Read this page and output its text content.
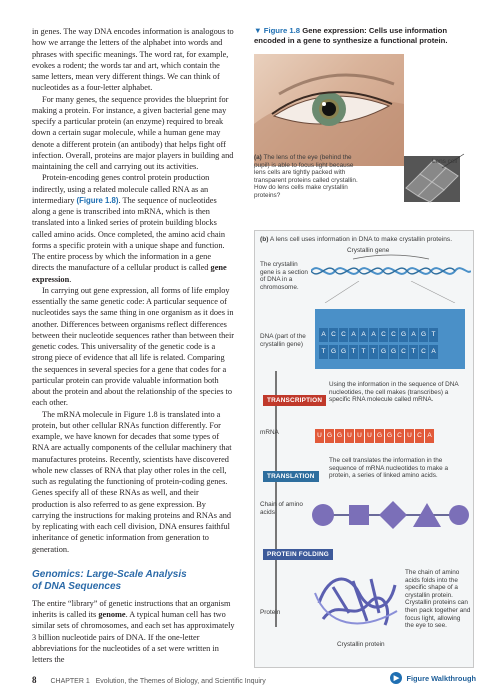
in genes. The way DNA encodes information is analogous to how we arrange the letters of the alphabet into words and phrases with specific meanings. The word rat, for example, evokes a rodent; the words tar and art, which contain the same letters, mean very different things. We can think of nucleotides as a four-letter alphabet.

For many genes, the sequence provides the blueprint for making a protein. For instance, a given bacterial gene may specify a particular protein (an enzyme) required to break down a certain sugar molecule, while a human gene may denote a different protein (an antibody) that helps fight off infection. Overall, proteins are major players in building and maintaining the cell and carrying out its activities.

Protein-encoding genes control protein production indirectly, using a related molecule called RNA as an intermediary (Figure 1.8). The sequence of nucleotides along a gene is transcribed into mRNA, which is then translated into a linked series of protein building blocks called amino acids. Once completed, the amino acid chain forms a specific protein with a unique shape and function. The entire process by which the information in a gene directs the manufacture of a cellular product is called gene expression.

In carrying out gene expression, all forms of life employ essentially the same genetic code: A particular sequence of nucleotides says the same thing in one organism as it does in another. Differences between organisms reflect differences between their nucleotide sequences rather than between their genetic codes. This universality of the genetic code is a strong piece of evidence that all life is related. Comparing the sequences in several species for a gene that codes for a particular protein can provide valuable information both about the protein and about the relationship of the species to each other.

The mRNA molecule in Figure 1.8 is translated into a protein, but other cellular RNAs function differently. For example, we have known for decades that some types of RNA are actually components of the cellular machinery that manufactures proteins. Recently, scientists have discovered whole new classes of RNA that play other roles in the cell, such as regulating the functioning of protein-coding genes. Genes specify all of these RNAs as well, and their production is also referred to as gene expression. By carrying the instructions for making proteins and RNAs and by replicating with each cell division, DNA ensures faithful inheritance of genetic information from generation to generation.

Genomics: Large-Scale Analysis
of DNA Sequences

The entire “library” of genetic instructions that an organism inherits is called its genome. A typical human cell has two similar sets of chromosomes, and each set has approximately 3 billion nucleotide pairs of DNA. If the one-letter abbreviations for the nucleotides of a set were written in letters the

▼ Figure 1.8 Gene expression: Cells use information encoded in a gene to synthesize a functional protein.
(a) The lens of the eye (behind the pupil) is able to focus light because lens cells are tightly packed with transparent proteins called crystallin. How do lens cells make crystallin proteins?
Lens cell
(b) A lens cell uses information in DNA to make crystallin proteins.
Crystallin gene
The crystallin gene is a section of DNA in a chromosome.
DNA (part of the crystallin gene)
A C C A A A C C G A G T
T G G T T T G G C T C A
TRANSCRIPTION
Using the information in the sequence of DNA nucleotides, the cell makes (transcribes) a specific RNA molecule called mRNA.
mRNA	U G G U U U G G C U C A
TRANSLATION
The cell translates the information in the sequence of mRNA nucleotides to make a protein, a series of linked amino acids.
Chain of amino acids
PROTEIN FOLDING
The chain of amino acids folds into the specific shape of a crystallin protein. Crystallin proteins can then pack together and focus light, allowing the eye to see.
Protein
Crystallin protein
8 CHAPTER 1 Evolution, the Themes of Biology, and Scientific Inquiry	▶ Figure Walkthrough
